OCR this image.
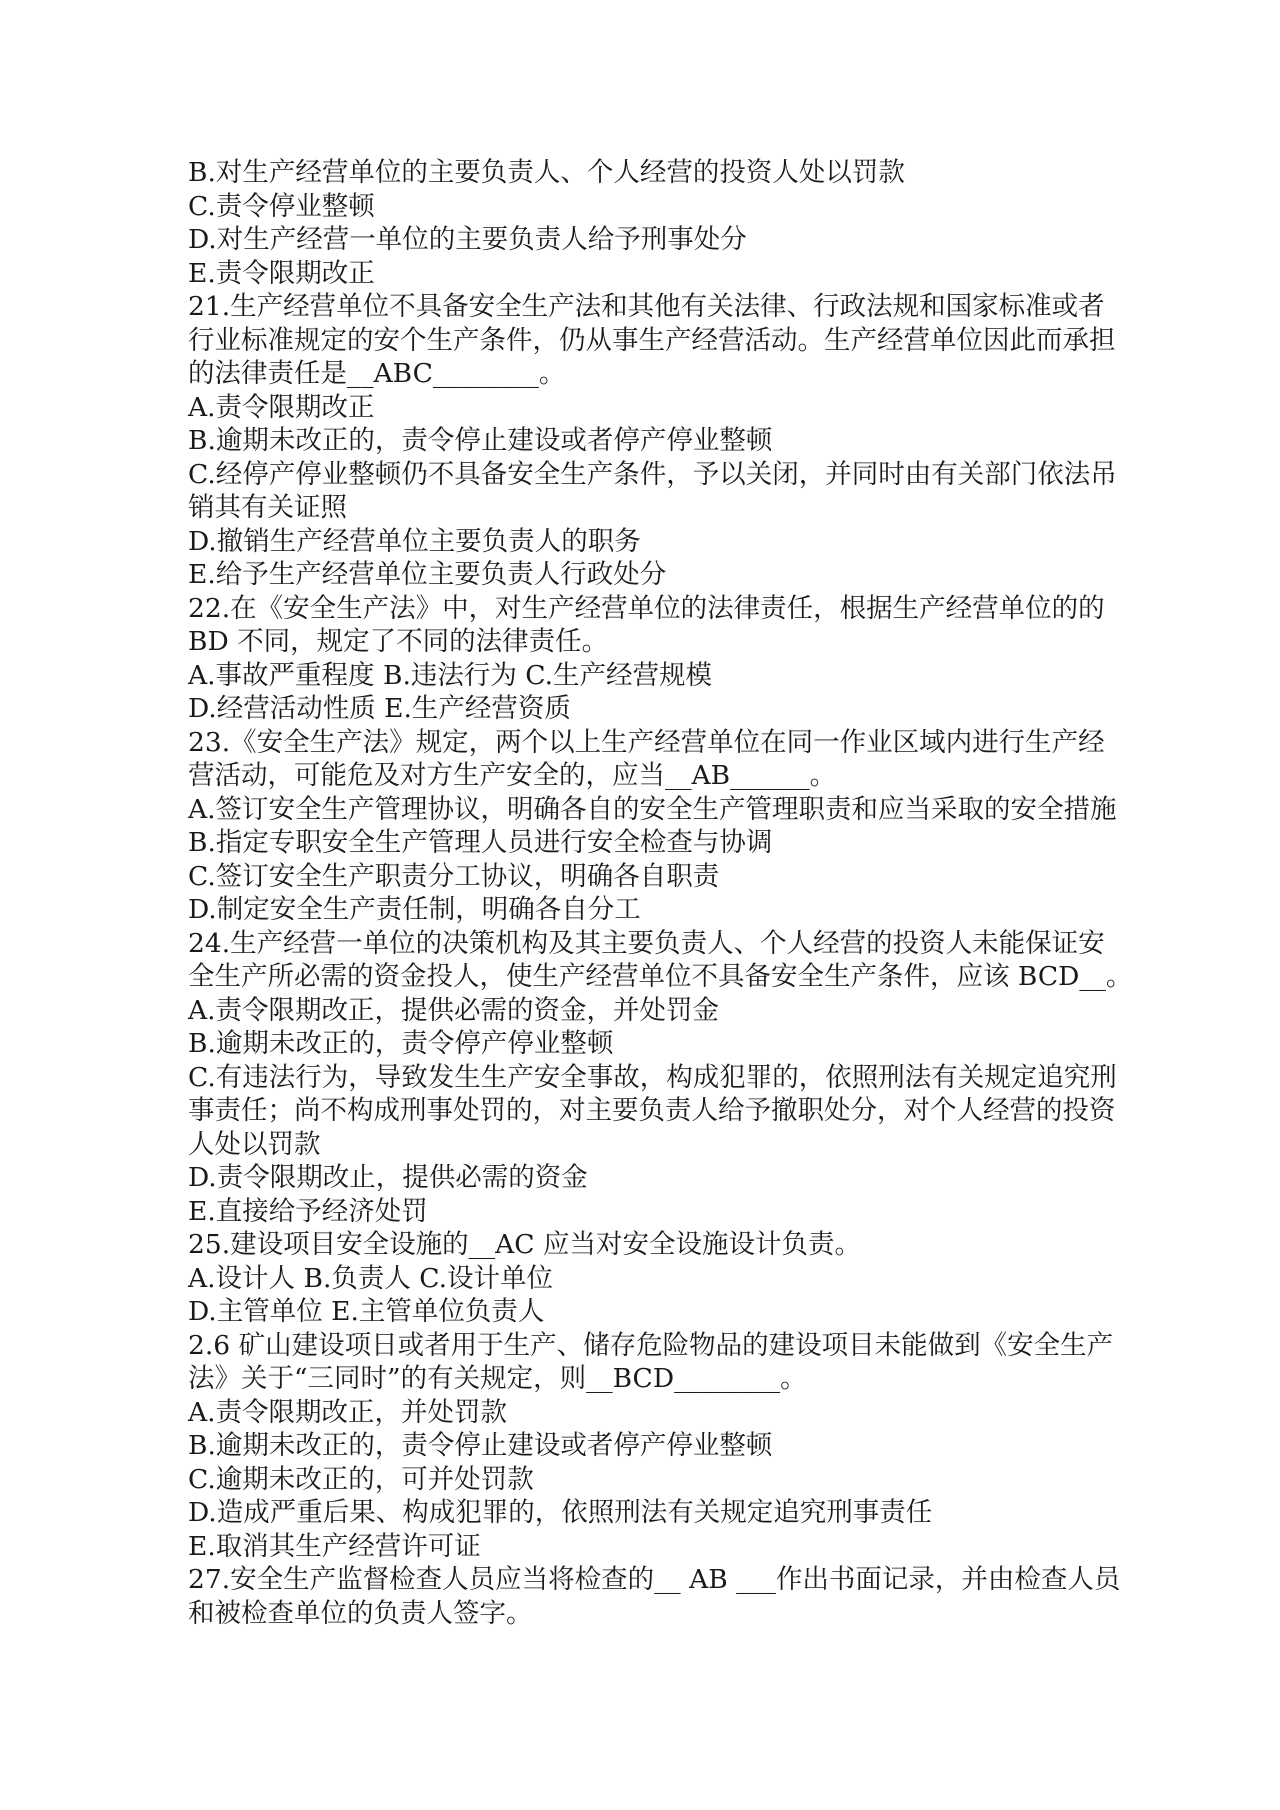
B.对生产经营单位的主要负责人、个人经营的投资人处以罚款
C.责令停业整顿
D.对生产经营一单位的主要负责人给予刑事处分
E.责令限期改正
21.生产经营单位不具备安全生产法和其他有关法律、行政法规和国家标准或者
行业标准规定的安个生产条件，仍从事生产经营活动。生产经营单位因此而承担
的法律责任是__ABC________。
A.责令限期改正
B.逾期未改正的，责令停止建设或者停产停业整顿
C.经停产停业整顿仍不具备安全生产条件，予以关闭，并同时由有关部门依法吊
销其有关证照
D.撤销生产经营单位主要负责人的职务
E.给予生产经营单位主要负责人行政处分
22.在《安全生产法》中，对生产经营单位的法律责任，根据生产经营单位的的
BD 不同，规定了不同的法律责任。
A.事故严重程度 B.违法行为 C.生产经营规模
D.经营活动性质 E.生产经营资质
23.《安全生产法》规定，两个以上生产经营单位在同一作业区域内进行生产经
营活动，可能危及对方生产安全的，应当__AB______。
A.签订安全生产管理协议，明确各自的安全生产管理职责和应当采取的安全措施
B.指定专职安全生产管理人员进行安全检查与协调
C.签订安全生产职责分工协议，明确各自职责
D.制定安全生产责任制，明确各自分工
24.生产经营一单位的决策机构及其主要负责人、个人经营的投资人未能保证安
全生产所必需的资金投人，使生产经营单位不具备安全生产条件，应该 BCD__。
A.责令限期改正，提供必需的资金，并处罚金
B.逾期未改正的，责令停产停业整顿
C.有违法行为，导致发生生产安全事故，构成犯罪的，依照刑法有关规定追究刑
事责任；尚不构成刑事处罚的，对主要负责人给予撤职处分，对个人经营的投资
人处以罚款
D.责令限期改止，提供必需的资金
E.直接给予经济处罚
25.建设项目安全设施的__AC 应当对安全设施设计负责。
A.设计人 B.负责人 C.设计单位
D.主管单位 E.主管单位负责人
2.6 矿山建设项日或者用于生产、储存危险物品的建设项目未能做到《安全生产
法》关于“三同时”的有关规定，则__BCD________。
A.责令限期改正，并处罚款
B.逾期未改正的，责令停止建设或者停产停业整顿
C.逾期未改正的，可并处罚款
D.造成严重后果、构成犯罪的，依照刑法有关规定追究刑事责任
E.取消其生产经营许可证
27.安全生产监督检查人员应当将检查的__ AB ___作出书面记录，并由检查人员
和被检查单位的负责人签字。
